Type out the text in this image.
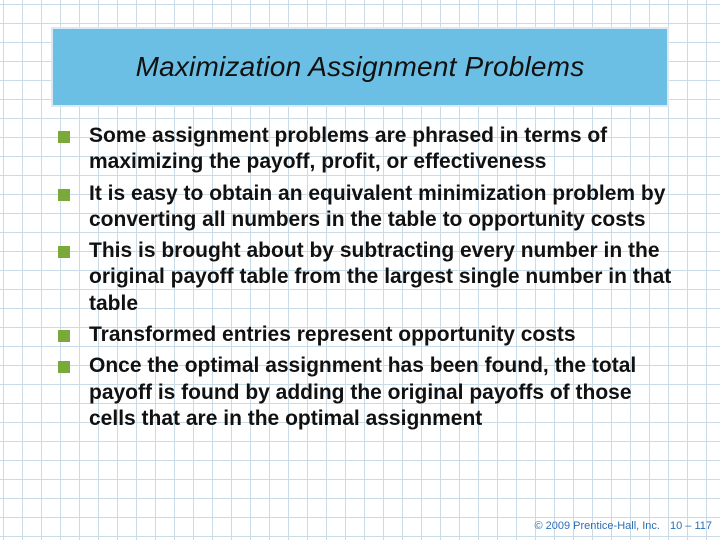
Maximization Assignment Problems
Some assignment problems are phrased in terms of maximizing the payoff, profit, or effectiveness
It is easy to obtain an equivalent minimization problem by converting all numbers in the table to opportunity costs
This is brought about by subtracting every number in the original payoff table from the largest single number in that table
Transformed entries represent opportunity costs
Once the optimal assignment has been found, the total payoff is found by adding the original payoffs of those cells that are in the optimal assignment
© 2009 Prentice-Hall, Inc. 10 – 117
